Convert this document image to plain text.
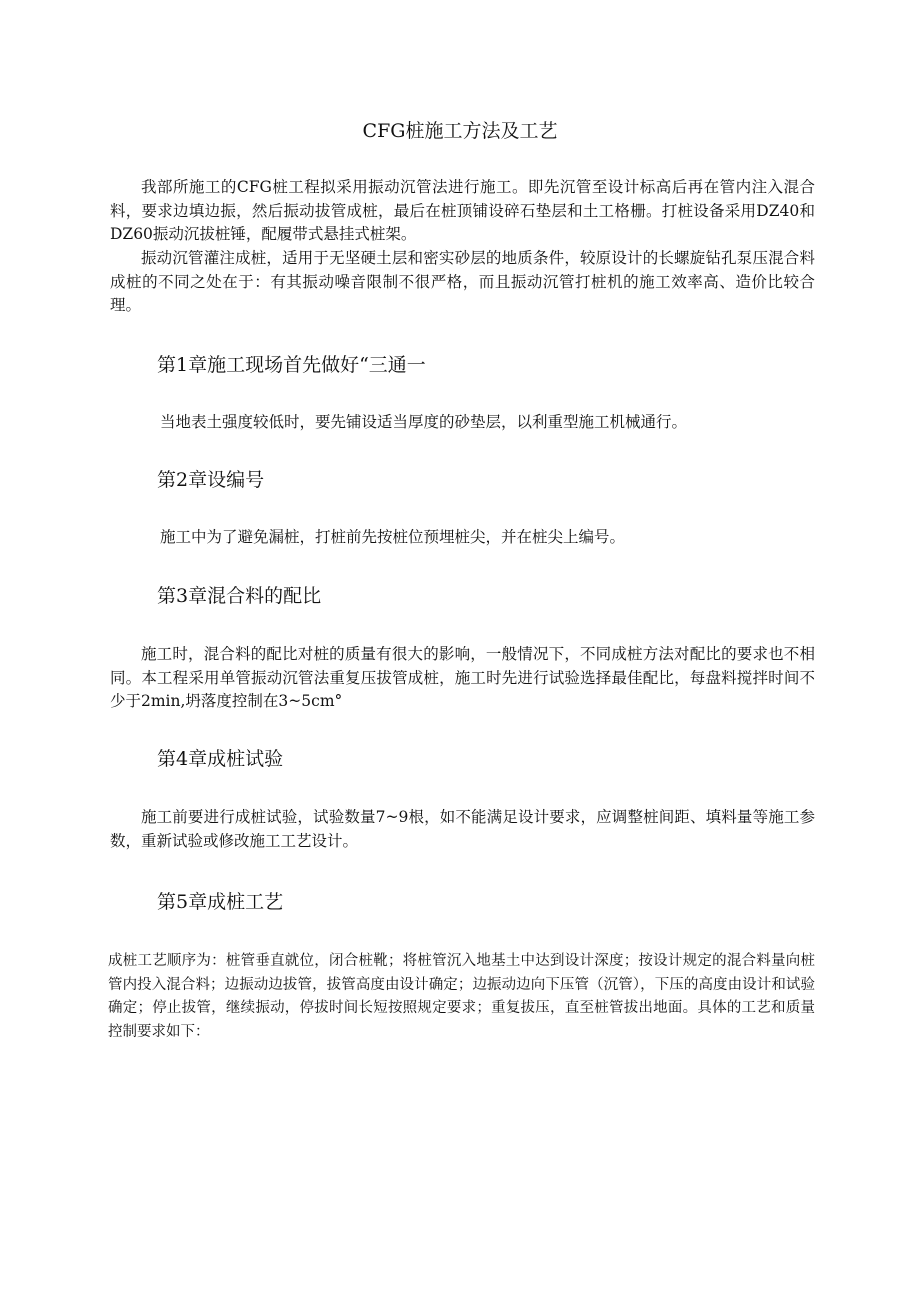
CFG桩施工方法及工艺

我部所施工的CFG桩工程拟采用振动沉管法进行施工。即先沉管至设计标高后再在管内注入混合料，要求边填边振，然后振动拔管成桩，最后在桩顶铺设碎石垫层和土工格栅。打桩设备采用DZ40和DZ60振动沉拔桩锤，配履带式悬挂式桩架。

振动沉管灌注成桩，适用于无坚硬土层和密实砂层的地质条件，较原设计的长螺旋钻孔泵压混合料成桩的不同之处在于：有其振动噪音限制不很严格，而且振动沉管打桩机的施工效率高、造价比较合理。

第1章施工现场首先做好“三通一

当地表土强度较低时，要先铺设适当厚度的砂垫层，以利重型施工机械通行。

第2章设编号

施工中为了避免漏桩，打桩前先按桩位预埋桩尖，并在桩尖上编号。

第3章混合料的配比

施工时，混合料的配比对桩的质量有很大的影响，一般情况下，不同成桩方法对配比的要求也不相同。本工程采用单管振动沉管法重复压拔管成桩，施工时先进行试验选择最佳配比，每盘料搅拌时间不少于2min,坍落度控制在3~5cm°

第4章成桩试验

施工前要进行成桩试验，试验数量7~9根，如不能满足设计要求，应调整桩间距、填料量等施工参数，重新试验或修改施工工艺设计。

第5章成桩工艺

成桩工艺顺序为：桩管垂直就位，闭合桩靴；将桩管沉入地基土中达到设计深度；按设计规定的混合料量向桩管内投入混合料；边振动边拔管，拔管高度由设计确定；边振动边向下压管（沉管），下压的高度由设计和试验确定；停止拔管，继续振动，停拔时间长短按照规定要求；重复拔压，直至桩管拔出地面。具体的工艺和质量控制要求如下：
